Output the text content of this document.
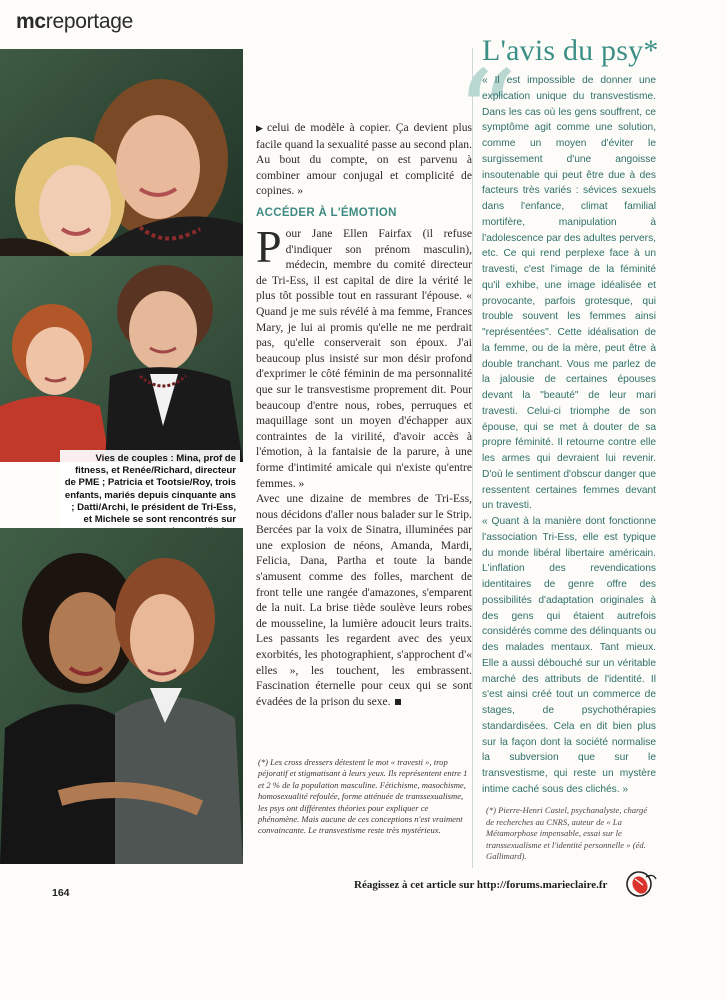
mcreportage
Vies de couples : Mina, prof de fitness, et Renée/Richard, directeur de PME ; Patricia et Tootsie/Roy, trois enfants, mariés depuis cinquante ans ; Datti/Archi, le président de Tri-Ess, et Michele se sont rencontrés sur

▶ celui de modèle à copier. Ça devient plus facile quand la sexualité passe au second plan. Au bout du compte, on est parvenu à combiner amour conjugal et complicité de copines. »

ACCÉDER À L'ÉMOTION

Pour Jane Ellen Fairfax (il refuse d'indiquer son prénom masculin), médecin, membre du comité directeur de Tri-Ess, il est capital de dire la vérité le plus tôt possible tout en rassurant l'épouse. « Quand je me suis révélé à ma femme, Frances Mary, je lui ai promis qu'elle ne me perdrait pas, qu'elle conserverait son époux. J'ai beaucoup plus insisté sur mon désir profond d'exprimer le côté féminin de ma personnalité que sur le transvestisme proprement dit. Pour beaucoup d'entre nous, robes, perruques et maquillage sont un moyen d'échapper aux contraintes de la virilité, d'avoir accès à l'émotion, à la fantaisie de la parure, à une forme d'intimité amicale qui n'existe qu'entre femmes. »

Avec une dizaine de membres de Tri-Ess, nous décidons d'aller nous balader sur le Strip. Bercées par la voix de Sinatra, illuminées par une explosion de néons, Amanda, Mardi, Felicia, Dana, Partha et toute la bande s'amusent comme des folles, marchent de front telle une rangée d'amazones, s'emparent de la nuit. La brise tiède soulève leurs robes de mousseline, la lumière adoucit leurs traits. Les passants les regardent avec des yeux exorbités, les photographient, s'approchent d'« elles », les touchent, les embrassent. Fascination éternelle pour ceux qui se sont évadées de la prison du sexe.

(*) Les cross dressers détestent le mot « travesti », trop péjoratif et stigmatisant à leurs yeux. Ils représentent entre 1 et 2 % de la population masculine. Fétichisme, masochisme, homosexualité refoulée, forme atténuée de transsexualisme, les psys ont différentes théories pour expliquer ce phénomène. Mais aucune de ces conceptions n'est vraiment convaincante. Le transvestisme reste très mystérieux.

“
L'avis du psy*

« Il est impossible de donner une explication unique du transvestisme. Dans les cas où les gens souffrent, ce symptôme agit comme une solution, comme un moyen d'éviter le surgissement d'une angoisse insoutenable qui peut être due à des facteurs très variés : sévices sexuels dans l'enfance, climat familial mortifère, manipulation à l'adolescence par des adultes pervers, etc. Ce qui rend perplexe face à un travesti, c'est l'image de la féminité qu'il exhibe, une image idéalisée et provocante, parfois grotesque, qui trouble souvent les femmes ainsi "représentées". Cette idéalisation de la femme, ou de la mère, peut être à double tranchant. Vous me parlez de la jalousie de certaines épouses devant la "beauté" de leur mari travesti. Celui-ci triomphe de son épouse, qui se met à douter de sa propre féminité. Il retourne contre elle les armes qui devraient lui revenir. D'où le sentiment d'obscur danger que ressentent certaines femmes devant un travesti.

« Quant à la manière dont fonctionne l'association Tri-Ess, elle est typique du monde libéral libertaire américain. L'inflation des revendications identitaires de genre offre des possibilités d'adaptation originales à des gens qui étaient autrefois considérés comme des délinquants ou des malades mentaux. Tant mieux. Elle a aussi débouché sur un véritable marché des attributs de l'identité. Il s'est ainsi créé tout un commerce de stages, de psychothérapies standardisées. Cela en dit bien plus sur la façon dont la société normalise la subversion que sur le transvestisme, qui reste un mystère intime caché sous des clichés. »

(*) Pierre-Henri Castel, psychanalyste, chargé de recherches au CNRS, auteur de « La Métamorphose impensable, essai sur le transsexualisme et l'identité personnelle » (éd. Gallimard).

164
Réagissez à cet article sur http://forums.marieclaire.fr
